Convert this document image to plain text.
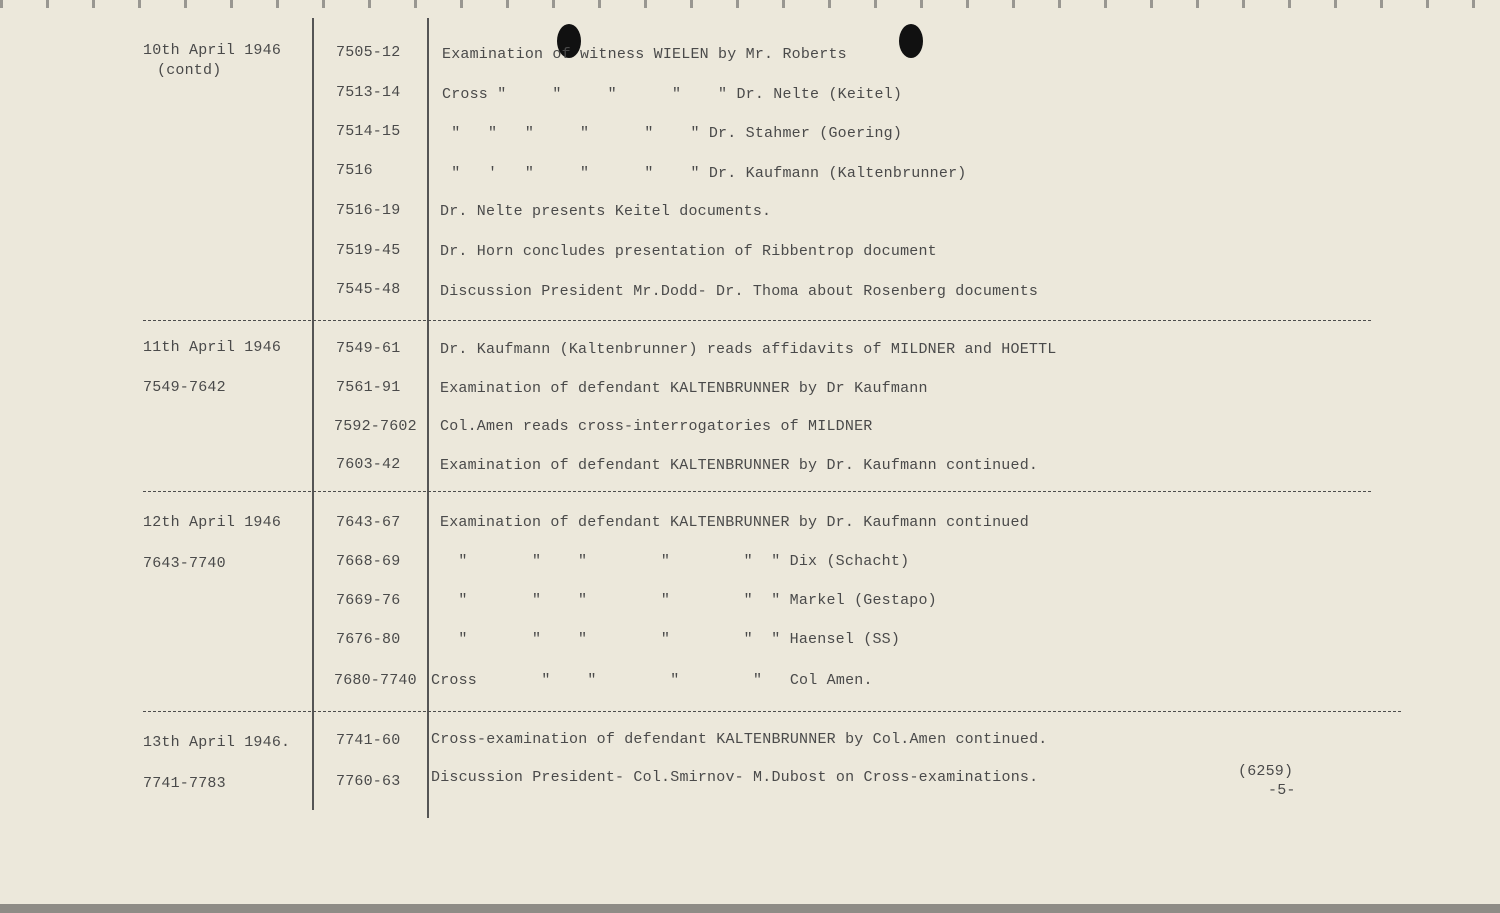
10th April 1946
(contd)
7505-12	Examination of witness WIELEN by Mr. Roberts
7513-14	Cross "     "     "      "    " Dr. Nelte (Keitel)
7514-15	"   "   "     "      "    " Dr. Stahmer (Goering)
7516	"   '   "     "      "    " Dr. Kaufmann (Kaltenbrunner)
7516-19	Dr. Nelte presents Keitel documents.
7519-45	Dr. Horn concludes presentation of Ribbentrop document
7545-48	Discussion President Mr.Dodd- Dr. Thoma about Rosenberg documents
11th April 1946
7549-7642
7549-61	Dr. Kaufmann (Kaltenbrunner) reads affidavits of MILDNER and HOETTL
7561-91	Examination of defendant KALTENBRUNNER by Dr Kaufmann
7592-7602 Col.Amen reads cross-interrogatories of MILDNER
7603-42	Examination of defendant KALTENBRUNNER by Dr. Kaufmann continued.
12th April 1946
7643-7740
7643-67	Examination of defendant KALTENBRUNNER by Dr. Kaufmann continued
7668-69	"       "    "        "        "  " Dix (Schacht)
7669-76	"       "    "        "        "  " Markel (Gestapo)
7676-80	"       "    "        "        "  " Haensel (SS)
7680-7740 Cross       "    "        "        "   Col Amen.
13th April 1946.
7741-7783
7741-60 Cross-examination of defendant KALTENBRUNNER by Col.Amen continued.
7760-63 Discussion President- Col.Smirnov- M.Dubost on Cross-examinations.	(6259)
-5-
